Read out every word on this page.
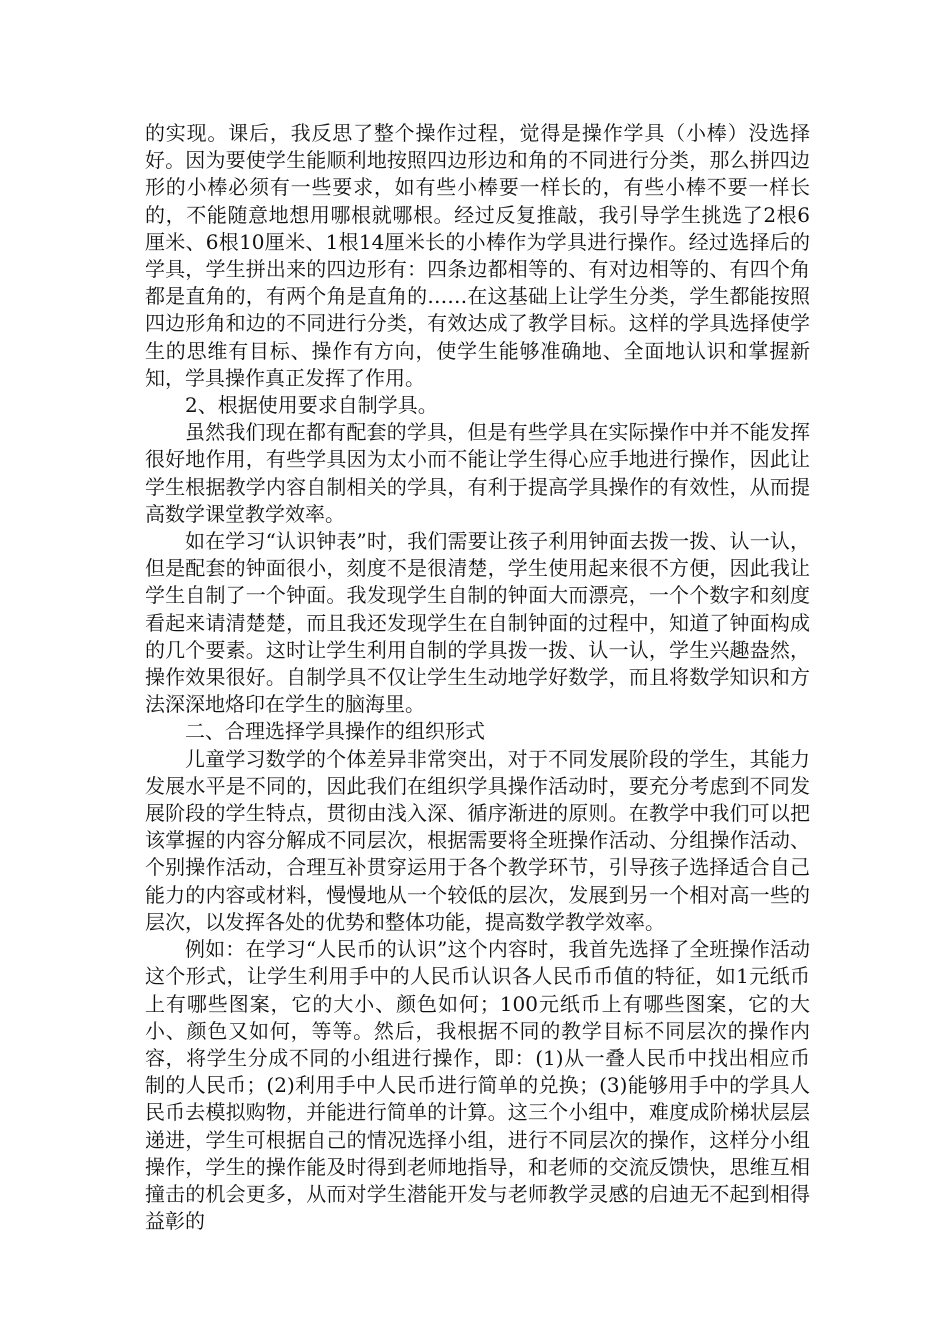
的实现。课后，我反思了整个操作过程，觉得是操作学具（小棒）没选择好。因为要使学生能顺利地按照四边形边和角的不同进行分类，那么拼四边形的小棒必须有一些要求，如有些小棒要一样长的，有些小棒不要一样长的，不能随意地想用哪根就哪根。经过反复推敲，我引导学生挑选了2根6厘米、6根10厘米、1根14厘米长的小棒作为学具进行操作。经过选择后的学具，学生拼出来的四边形有：四条边都相等的、有对边相等的、有四个角都是直角的，有两个角是直角的……在这基础上让学生分类，学生都能按照四边形角和边的不同进行分类，有效达成了教学目标。这样的学具选择使学生的思维有目标、操作有方向，使学生能够准确地、全面地认识和掌握新知，学具操作真正发挥了作用。

2、根据使用要求自制学具。

虽然我们现在都有配套的学具，但是有些学具在实际操作中并不能发挥很好地作用，有些学具因为太小而不能让学生得心应手地进行操作，因此让学生根据教学内容自制相关的学具，有利于提高学具操作的有效性，从而提高数学课堂教学效率。

如在学习“认识钟表”时，我们需要让孩子利用钟面去拨一拨、认一认，但是配套的钟面很小，刻度不是很清楚，学生使用起来很不方便，因此我让学生自制了一个钟面。我发现学生自制的钟面大而漂亮，一个个数字和刻度看起来请清楚楚，而且我还发现学生在自制钟面的过程中，知道了钟面构成的几个要素。这时让学生利用自制的学具拨一拨、认一认，学生兴趣盎然，操作效果很好。自制学具不仅让学生生动地学好数学，而且将数学知识和方法深深地烙印在学生的脑海里。

二、合理选择学具操作的组织形式

儿童学习数学的个体差异非常突出，对于不同发展阶段的学生，其能力发展水平是不同的，因此我们在组织学具操作活动时，要充分考虑到不同发展阶段的学生特点，贯彻由浅入深、循序渐进的原则。在教学中我们可以把该掌握的内容分解成不同层次，根据需要将全班操作活动、分组操作活动、个别操作活动，合理互补贯穿运用于各个教学环节，引导孩子选择适合自己能力的内容或材料，慢慢地从一个较低的层次，发展到另一个相对高一些的层次，以发挥各处的优势和整体功能，提高数学教学效率。

例如：在学习“人民币的认识”这个内容时，我首先选择了全班操作活动这个形式，让学生利用手中的人民币认识各人民币币值的特征，如1元纸币上有哪些图案，它的大小、颜色如何；100元纸币上有哪些图案，它的大小、颜色又如何，等等。然后，我根据不同的教学目标不同层次的操作内容，将学生分成不同的小组进行操作，即：(1)从一叠人民币中找出相应币制的人民币；(2)利用手中人民币进行简单的兑换；(3)能够用手中的学具人民币去模拟购物，并能进行简单的计算。这三个小组中，难度成阶梯状层层递进，学生可根据自己的情况选择小组，进行不同层次的操作，这样分小组操作，学生的操作能及时得到老师地指导，和老师的交流反馈快，思维互相撞击的机会更多，从而对学生潜能开发与老师教学灵感的启迪无不起到相得益彰的
